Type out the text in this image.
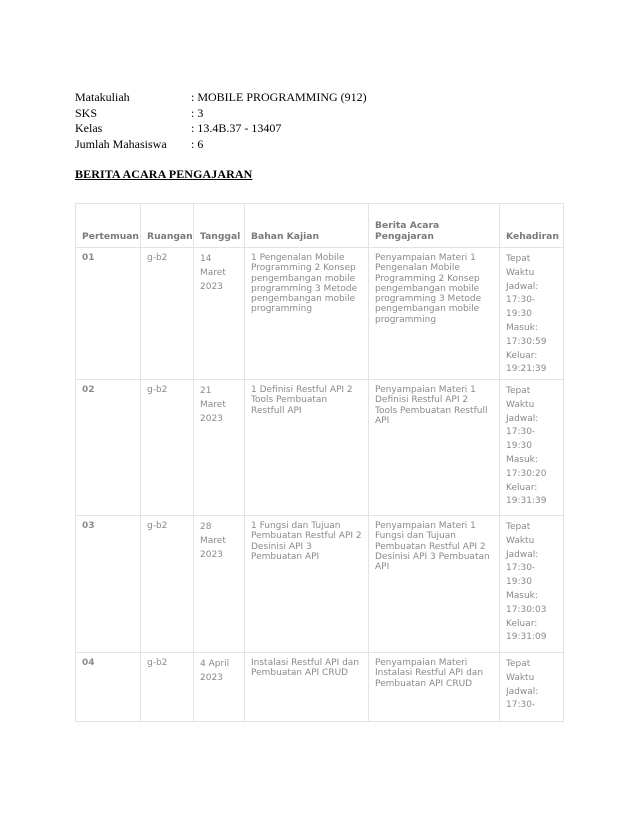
Matakuliah	: MOBILE PROGRAMMING (912)
SKS	: 3
Kelas	: 13.4B.37 - 13407
Jumlah Mahasiswa	: 6
BERITA ACARA PENGAJARAN
Pertemuan	Ruangan	Tanggal	Bahan Kajian	Berita Acara Pengajaran	Kehadiran
01	g-b2	14 Maret 2023	1 Pengenalan Mobile Programming 2 Konsep pengembangan mobile programming 3 Metode pengembangan mobile programming	Penyampaian Materi 1 Pengenalan Mobile Programming 2 Konsep pengembangan mobile programming 3 Metode pengembangan mobile programming	Tepat Waktu Jadwal: 17:30-19:30 Masuk: 17:30:59 Keluar: 19:21:39
02	g-b2	21 Maret 2023	1 Definisi Restful API 2 Tools Pembuatan Restfull API	Penyampaian Materi 1 Definisi Restful API 2 Tools Pembuatan Restfull API	Tepat Waktu Jadwal: 17:30-19:30 Masuk: 17:30:20 Keluar: 19:31:39
03	g-b2	28 Maret 2023	1 Fungsi dan Tujuan Pembuatan Restful API 2 Desinisi API 3 Pembuatan API	Penyampaian Materi 1 Fungsi dan Tujuan Pembuatan Restful API 2 Desinisi API 3 Pembuatan API	Tepat Waktu Jadwal: 17:30-19:30 Masuk: 17:30:03 Keluar: 19:31:09
04	g-b2	4 April 2023	Instalasi Restful API dan Pembuatan API CRUD	Penyampaian Materi Instalasi Restful API dan Pembuatan API CRUD	Tepat Waktu Jadwal: 17:30-
